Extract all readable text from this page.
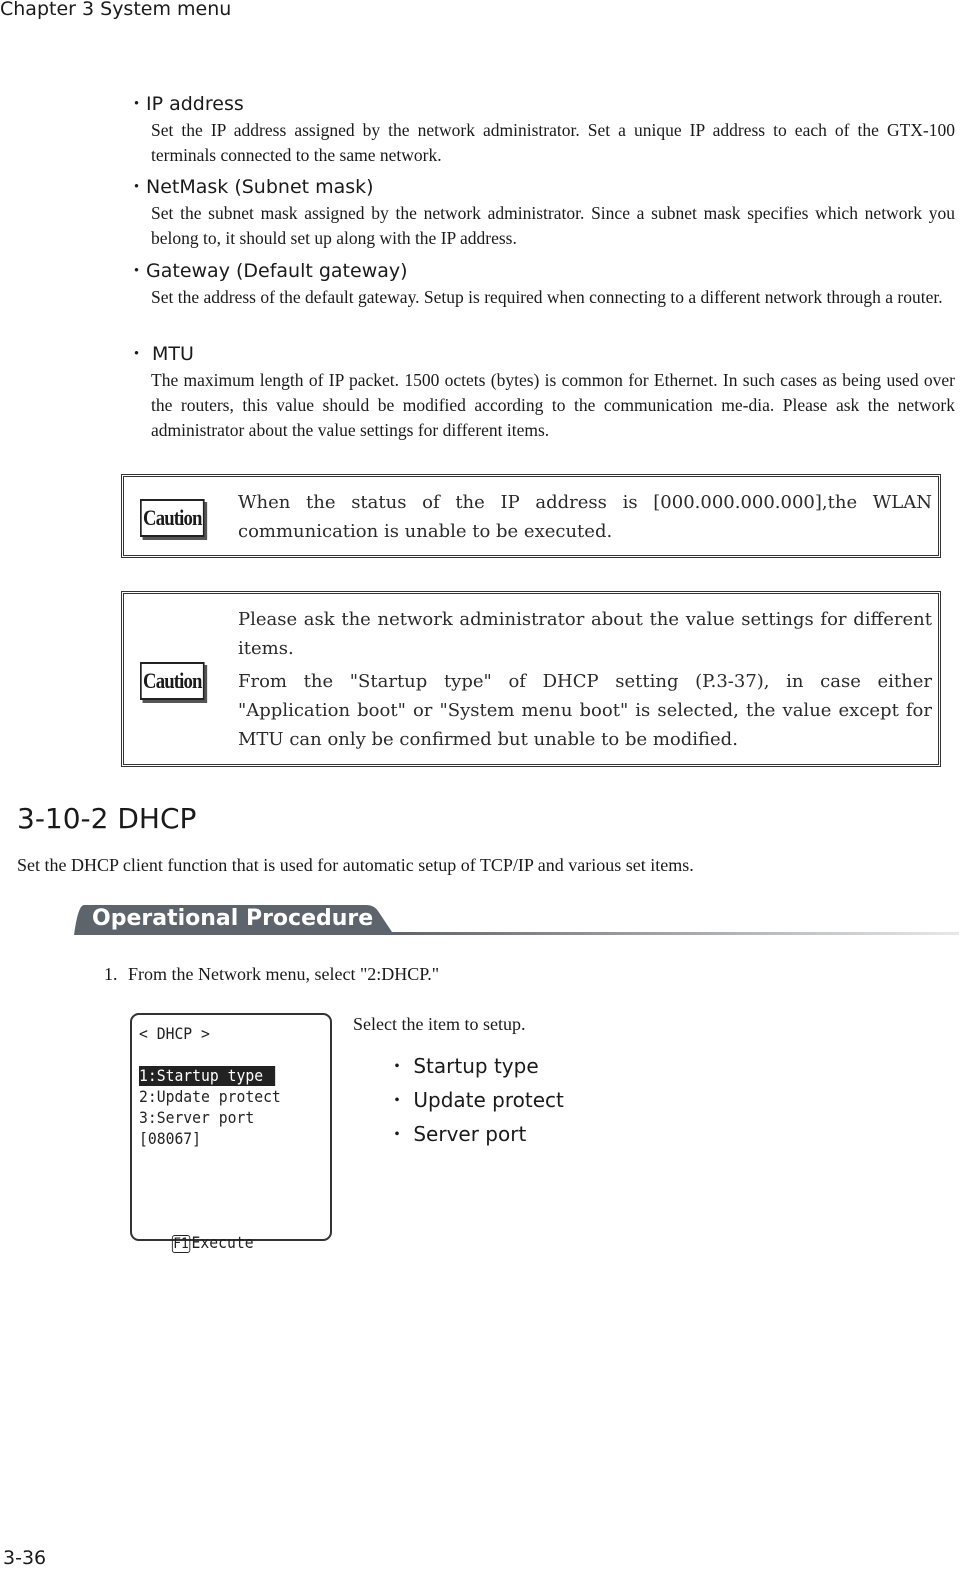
Chapter 3 System menu
・IP address
Set the IP address assigned by the network administrator. Set a unique IP address to each of the GTX-100 terminals connected to the same network.
・NetMask (Subnet mask)
Set the subnet mask assigned by the network administrator. Since a subnet mask specifies which network you belong to, it should set up along with the IP address.
・Gateway (Default gateway)
Set the address of the default gateway. Setup is required when connecting to a different network through a router.
・ MTU
The maximum length of IP packet. 1500 octets (bytes) is common for Ethernet. In such cases as being used over the routers, this value should be modified according to the communication me-dia. Please ask the network administrator about the value settings for different items.
Caution

When the status of the IP address is [000.000.000.000],the WLAN communication is unable to be executed.

Caution

Please ask the network administrator about the value settings for different items.

From the "Startup type" of DHCP setting (P.3-37), in case either "Application boot" or "System menu boot" is selected, the value except for MTU can only be confirmed but unable to be modified.

3-10-2 DHCP
Set the DHCP client function that is used for automatic setup of TCP/IP and various set items.
Operational Procedure
1. From the Network menu, select "2:DHCP."
< DHCP >
1:Startup type
2:Update protect
3:Server port
[08067]

F1 Execute

Select the item to setup.
・ Startup type
・ Update protect
・ Server port
3-36
